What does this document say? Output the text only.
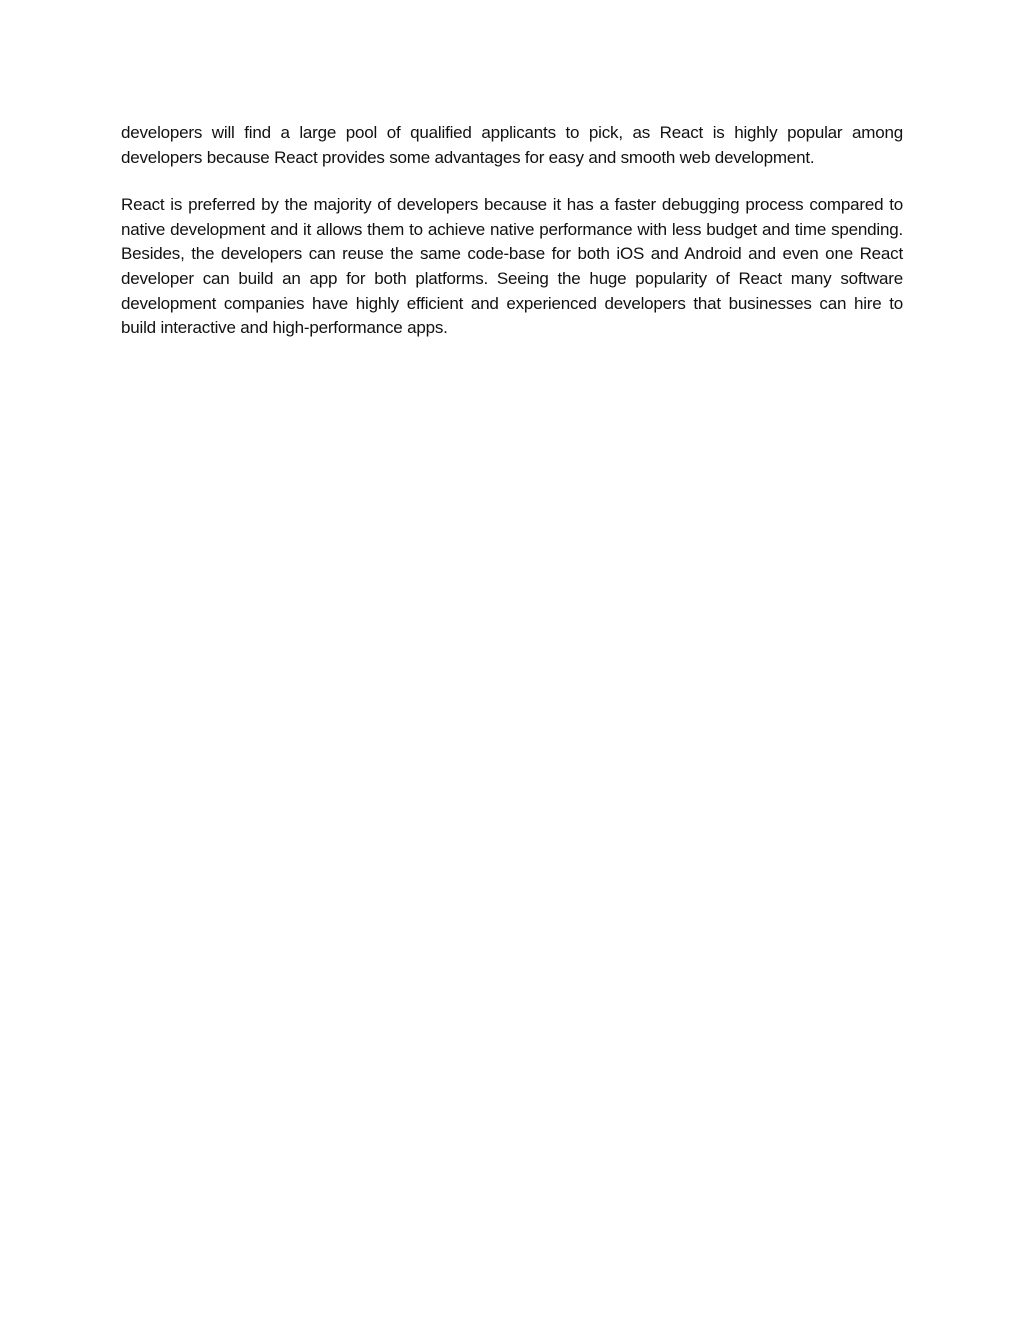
developers will find a large pool of qualified applicants to pick, as React is highly popular among developers because React provides some advantages for easy and smooth web development.

React is preferred by the majority of developers because it has a faster debugging process compared to native development and it allows them to achieve native performance with less budget and time spending. Besides, the developers can reuse the same code-base for both iOS and Android and even one React developer can build an app for both platforms. Seeing the huge popularity of React many software development companies have highly efficient and experienced developers that businesses can hire to build interactive and high-performance apps.
